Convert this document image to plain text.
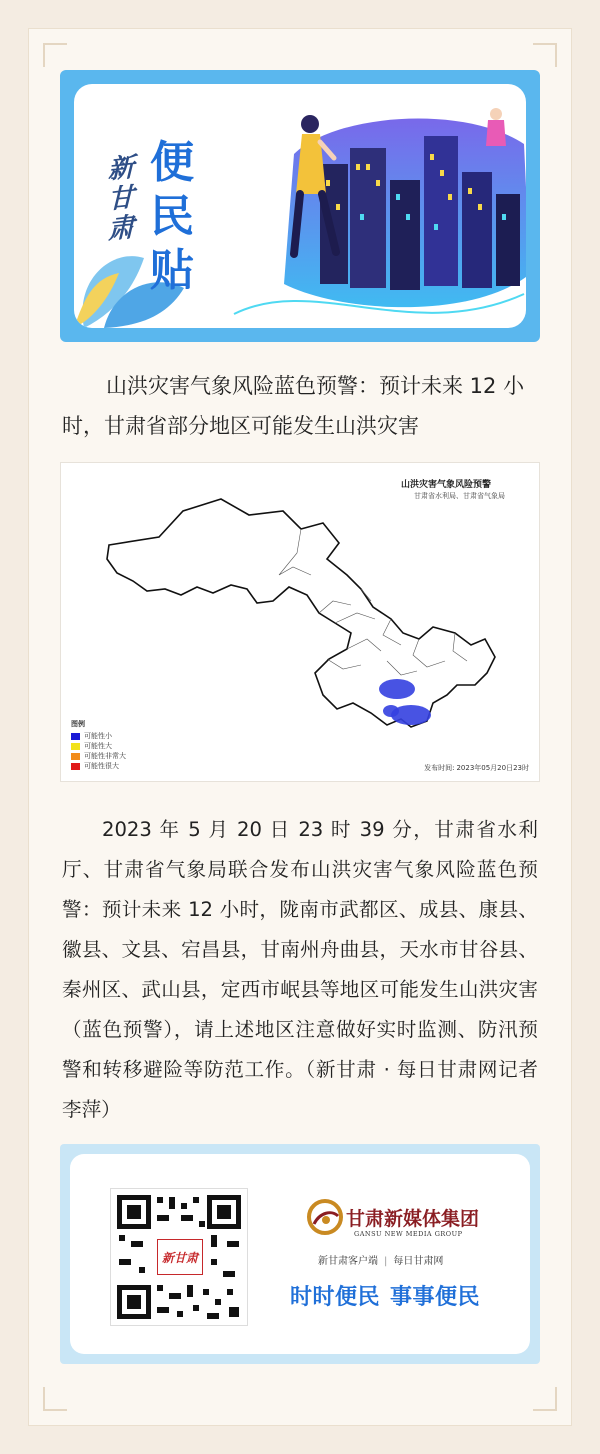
新甘肃
便民贴
山洪灾害气象风险蓝色预警：预计未来 12 小时，甘肃省部分地区可能发生山洪灾害
山洪灾害气象风险预警
甘肃省水利局、甘肃省气象局
图例
可能性小
可能性大
可能性非常大
可能性很大	发布时间: 2023年05月20日23时
2023 年 5 月 20 日 23 时 39 分，甘肃省水利厅、甘肃省气象局联合发布山洪灾害气象风险蓝色预警：预计未来 12 小时，陇南市武都区、成县、康县、徽县、文县、宕昌县，甘南州舟曲县，天水市甘谷县、秦州区、武山县，定西市岷县等地区可能发生山洪灾害（蓝色预警），请上述地区注意做好实时监测、防汛预警和转移避险等防范工作。（新甘肃 · 每日甘肃网记者李萍）
新甘肃
甘肃新媒体集团
GANSU NEW MEDIA GROUP
新甘肃客户端 | 每日甘肃网
时时便民 事事便民
